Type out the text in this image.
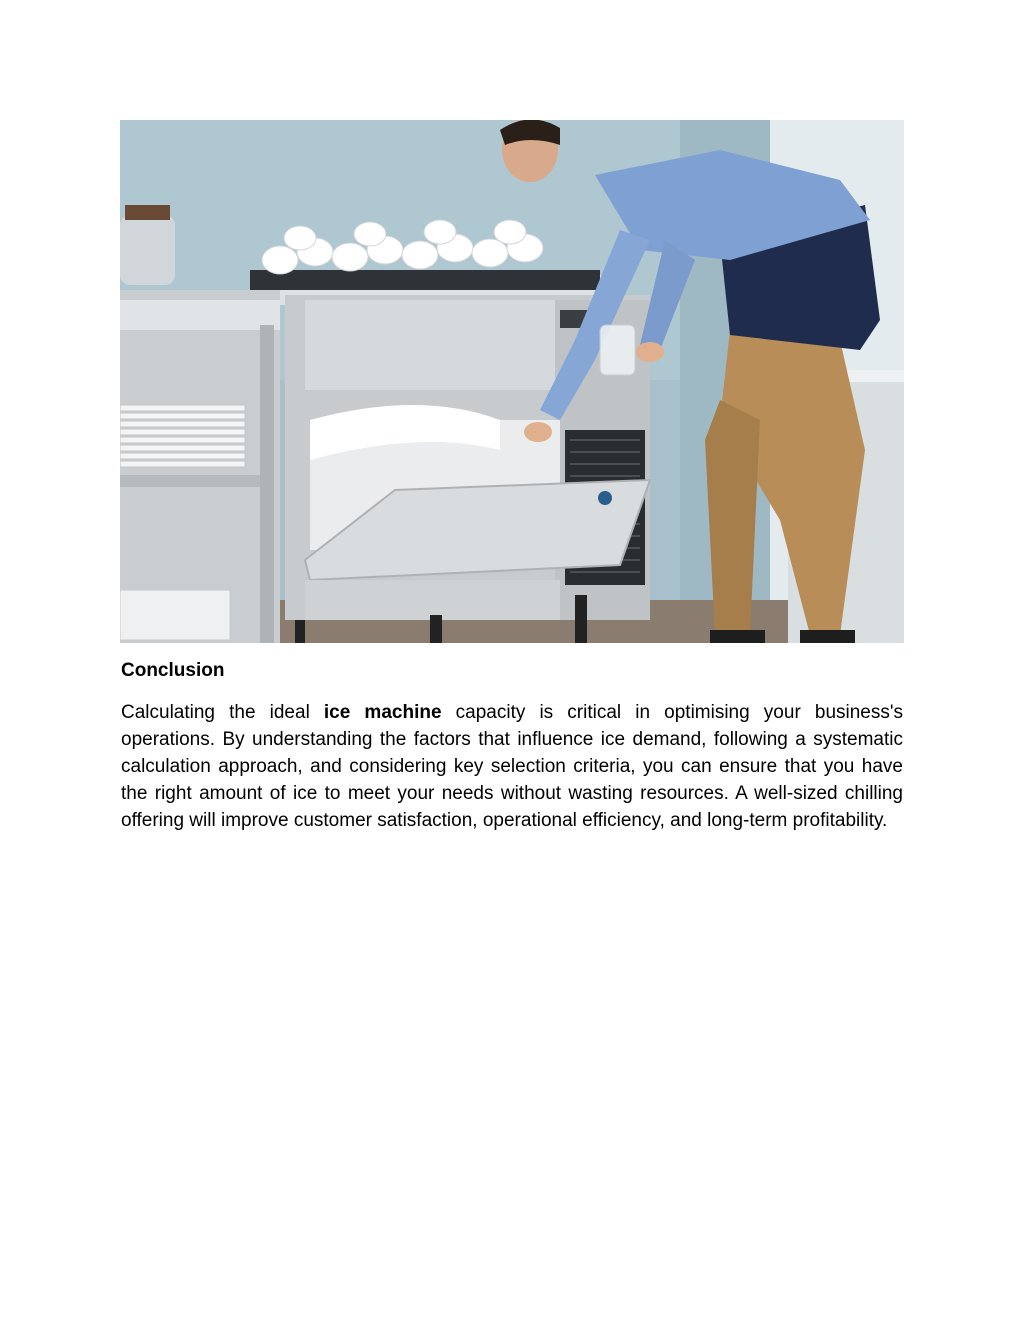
Conclusion

Calculating the ideal ice machine capacity is critical in optimising your business's operations. By understanding the factors that influence ice demand, following a systematic calculation approach, and considering key selection criteria, you can ensure that you have the right amount of ice to meet your needs without wasting resources. A well-sized chilling offering will improve customer satisfaction, operational efficiency, and long-term profitability.
